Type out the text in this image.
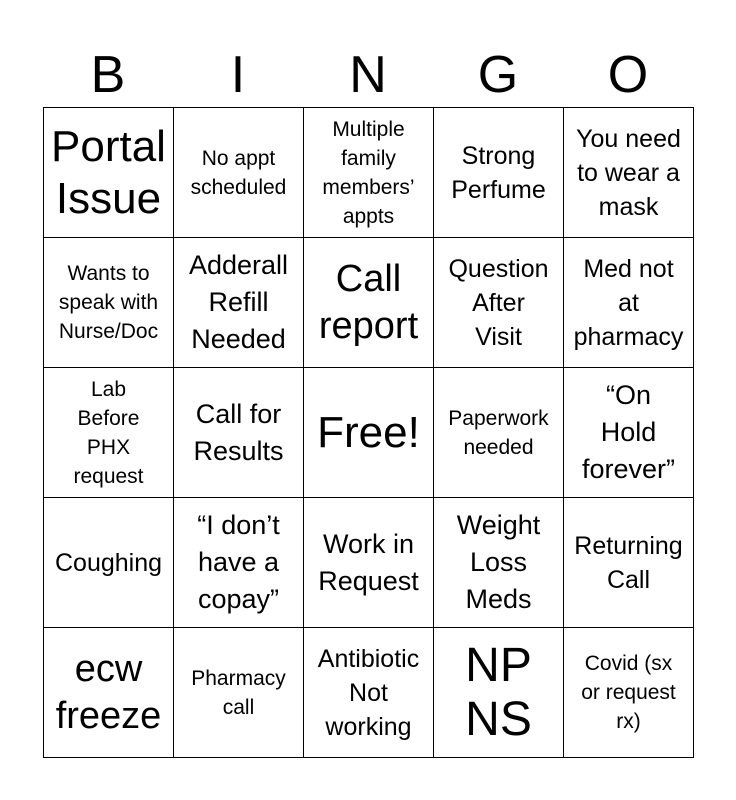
B	I	N	G	O
Portal
Issue
No appt
scheduled
Multiple
family
members’
appts
Strong
Perfume
You need
to wear a
mask
Wants to
speak with
Nurse/Doc
Adderall
Refill
Needed
Call
report
Question
After
Visit
Med not
at
pharmacy
Lab
Before
PHX
request
Call for
Results Free! Paperwork
needed
“On
Hold
forever”
Coughing
“I don’t
have a
copay”
Work in
Request
Weight
Loss
Meds
Returning
Call
ecw
freeze
Pharmacy
call
Antibiotic
Not
working
NP
NS
Covid (sx
or request
rx)
